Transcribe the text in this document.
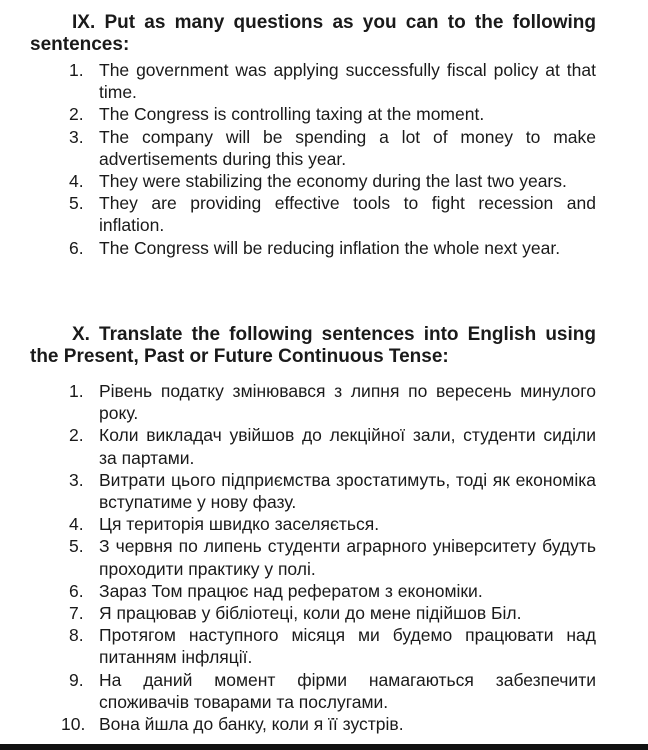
IX. Put as many questions as you can to the following sentences:
1. The government was applying successfully fiscal policy at that time.
2. The Congress is controlling taxing at the moment.
3. The company will be spending a lot of money to make advertisements during this year.
4. They were stabilizing the economy during the last two years.
5. They are providing effective tools to fight recession and inflation.
6. The Congress will be reducing inflation the whole next year.
X. Translate the following sentences into English using the Present, Past or Future Continuous Tense:
1. Рівень податку змінювався з липня по вересень минулого року.
2. Коли викладач увійшов до лекційної зали, студенти сиділи за партами.
3. Витрати цього підприємства зростатимуть, тоді як економіка вступатиме у нову фазу.
4. Ця територія швидко заселяється.
5. З червня по липень студенти аграрного університету будуть проходити практику у полі.
6. Зараз Том працює над рефератом з економіки.
7. Я працював у бібліотеці, коли до мене підійшов Біл.
8. Протягом наступного місяця ми будемо працювати над питанням інфляції.
9. На даний момент фірми намагаються забезпечити споживачів товарами та послугами.
10. Вона йшла до банку, коли я її зустрів.
